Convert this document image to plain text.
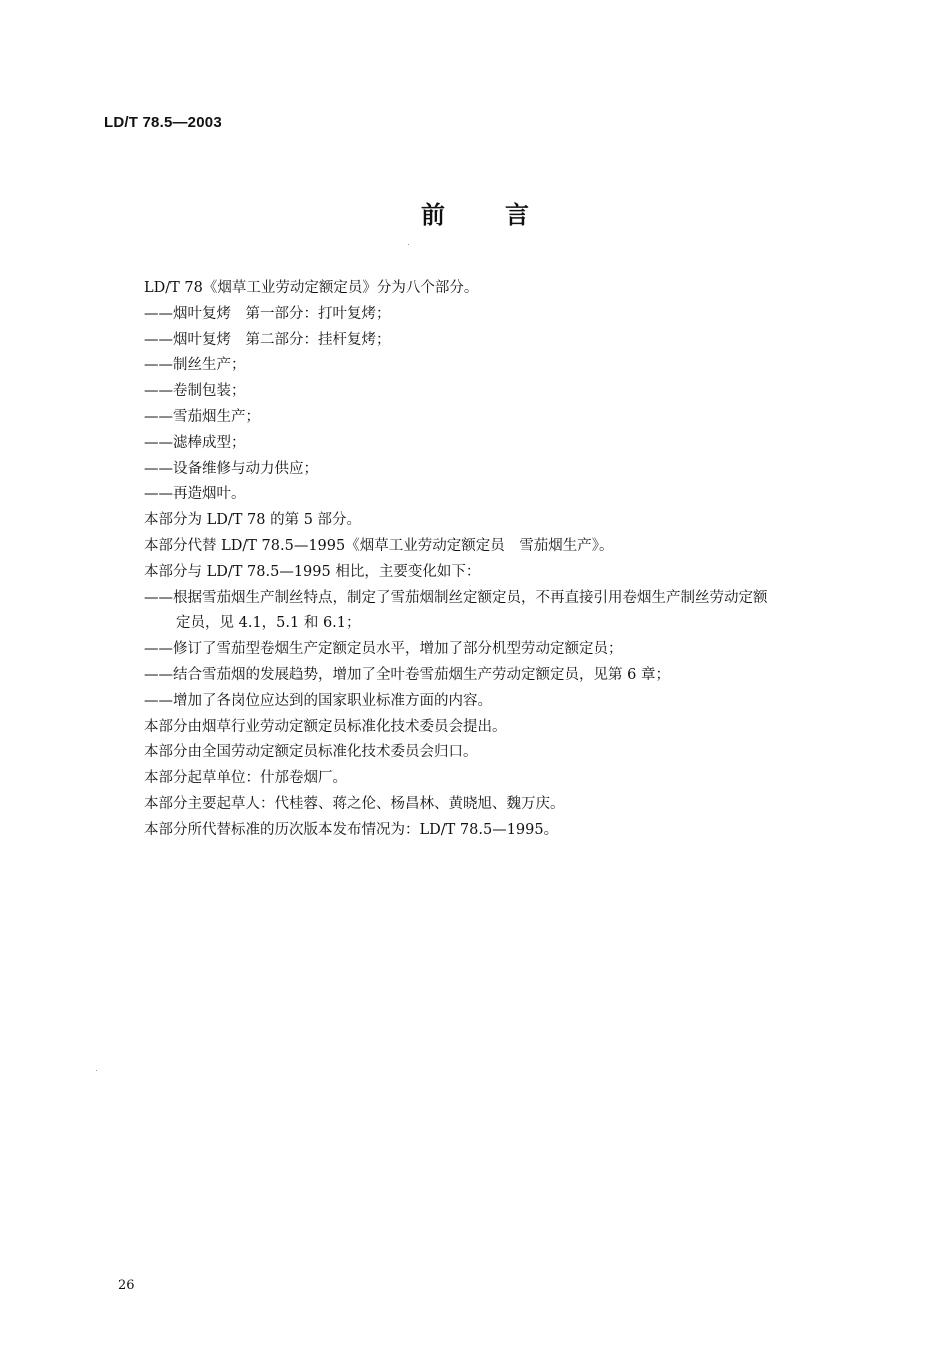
LD/T 78.5—2003
前	言
LD/T 78《烟草工业劳动定额定员》分为八个部分。
——烟叶复烤　第一部分：打叶复烤；
——烟叶复烤　第二部分：挂杆复烤；
——制丝生产；
——卷制包装；
——雪茄烟生产；
——滤棒成型；
——设备维修与动力供应；
——再造烟叶。
本部分为 LD/T 78 的第 5 部分。
本部分代替 LD/T 78.5—1995《烟草工业劳动定额定员　雪茄烟生产》。
本部分与 LD/T 78.5—1995 相比，主要变化如下：
——根据雪茄烟生产制丝特点，制定了雪茄烟制丝定额定员，不再直接引用卷烟生产制丝劳动定额
定员，见 4.1，5.1 和 6.1；
——修订了雪茄型卷烟生产定额定员水平，增加了部分机型劳动定额定员；
——结合雪茄烟的发展趋势，增加了全叶卷雪茄烟生产劳动定额定员，见第 6 章；
——增加了各岗位应达到的国家职业标准方面的内容。
本部分由烟草行业劳动定额定员标准化技术委员会提出。
本部分由全国劳动定额定员标准化技术委员会归口。
本部分起草单位：什邡卷烟厂。
本部分主要起草人：代桂蓉、蒋之伦、杨昌林、黄晓旭、魏万庆。
本部分所代替标准的历次版本发布情况为：LD/T 78.5—1995。
26
